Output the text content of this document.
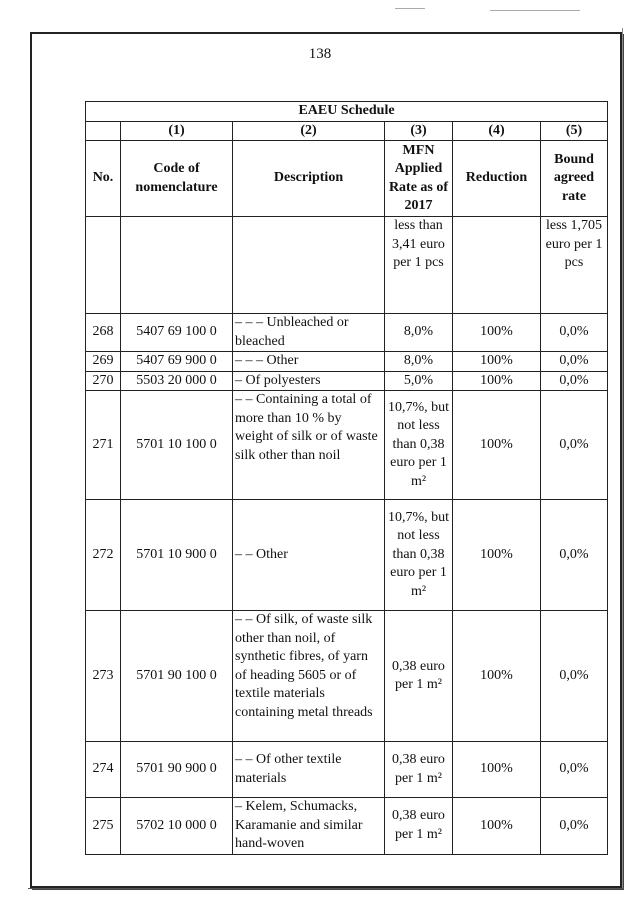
138
EAEU Schedule					
	(1)	(2)	(3)	(4)	(5)
No.	Code of nomenclature	Description	MFN Applied Rate as of 2017	Reduction	Bound agreed rate
			less than 3,41 euro per 1 pcs		less 1,705 euro per 1 pcs
268	5407 69 100 0	– – – Unbleached or bleached	8,0%	100%	0,0%
269	5407 69 900 0	– – – Other	8,0%	100%	0,0%
270	5503 20 000 0	– Of polyesters	5,0%	100%	0,0%
271	5701 10 100 0	– – Containing a total of more than 10 % by weight of silk or of waste silk other than noil	10,7%, but not less than 0,38 euro per 1 m²	100%	0,0%
272	5701 10 900 0	– – Other	10,7%, but not less than 0,38 euro per 1 m²	100%	0,0%
273	5701 90 100 0	– – Of silk, of waste silk other than noil, of synthetic fibres, of yarn of heading 5605 or of textile materials containing metal threads	0,38 euro per 1 m²	100%	0,0%
274	5701 90 900 0	– – Of other textile materials	0,38 euro per 1 m²	100%	0,0%
275	5702 10 000 0	– Kelem, Schumacks, Karamanie and similar hand-woven	0,38 euro per 1 m²	100%	0,0%
